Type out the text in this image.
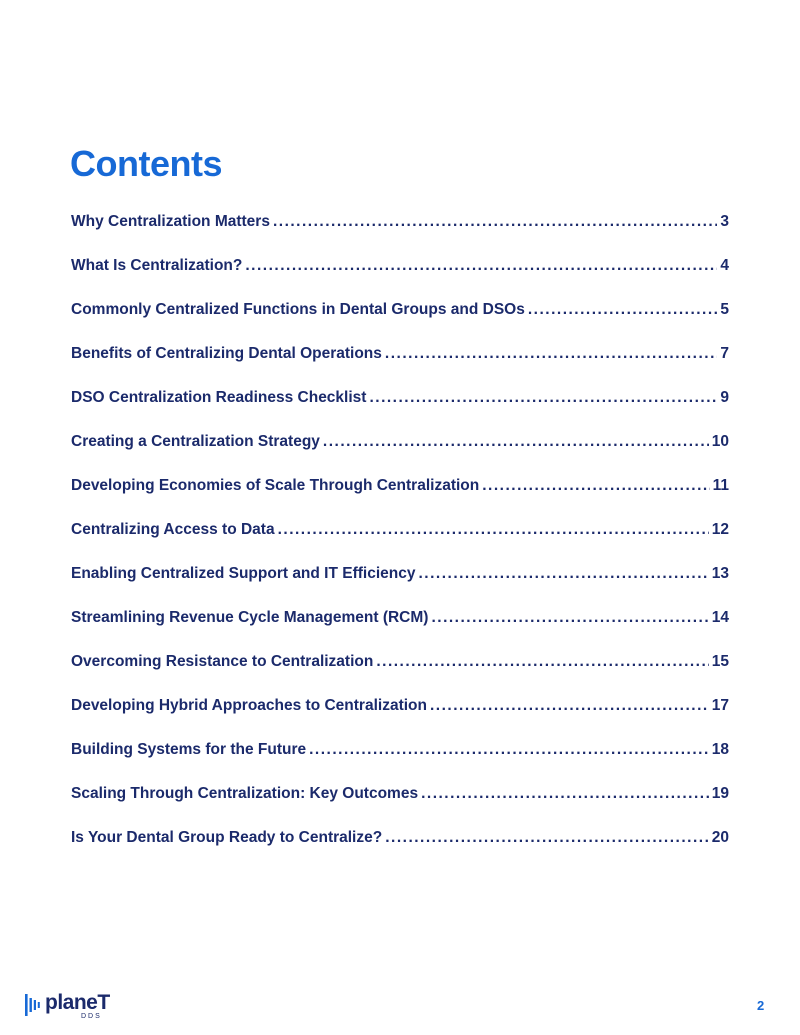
Contents
Why Centralization Matters .....	3
What Is Centralization? .....	4
Commonly Centralized Functions in Dental Groups and DSOs .....	5
Benefits of Centralizing Dental Operations .....	7
DSO Centralization Readiness Checklist .....	9
Creating a Centralization Strategy .....	10
Developing Economies of Scale Through Centralization .....	11
Centralizing Access to Data .....	12
Enabling Centralized Support and IT Efficiency .....	13
Streamlining Revenue Cycle Management (RCM) .....	14
Overcoming Resistance to Centralization .....	15
Developing Hybrid Approaches to Centralization .....	17
Building Systems for the Future .....	18
Scaling Through Centralization: Key Outcomes .....	19
Is Your Dental Group Ready to Centralize? .....	20
planeT
DDS
2
